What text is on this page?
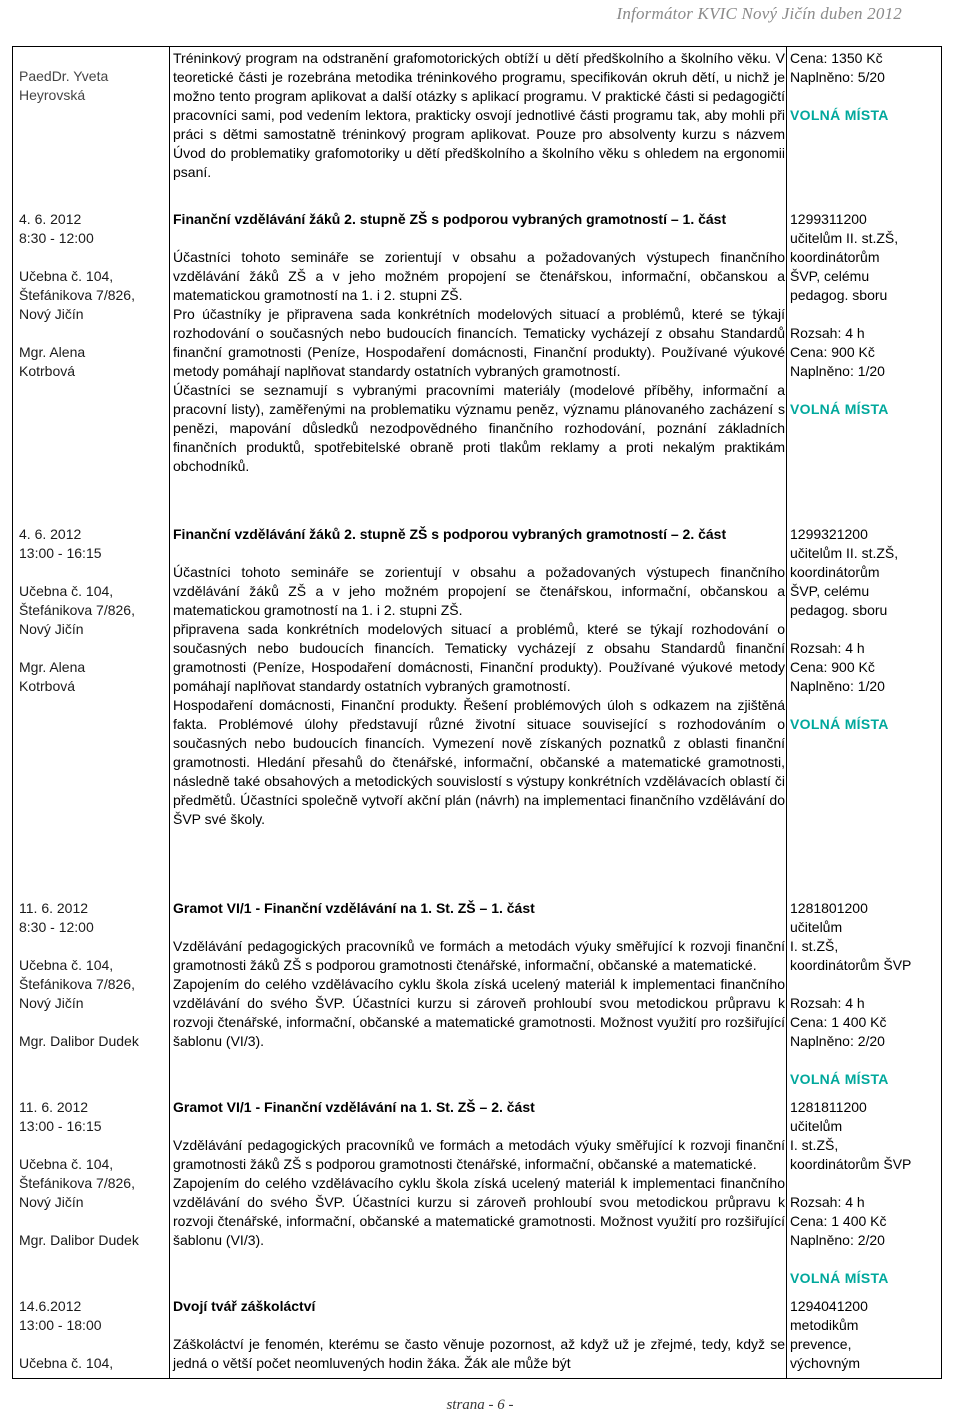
Informátor KVIC Nový Jičín duben 2012
PaedDr. Yveta
Heyrovská

Tréninkový program na odstranění grafomotorických obtíží u dětí předškolního a školního věku. V teoretické části je rozebrána metodika tréninkového programu, specifikován okruh dětí, u nichž je možno tento program aplikovat a další otázky s aplikací programu. V praktické části si pedagogičtí pracovníci sami, pod vedením lektora, prakticky osvojí jednotlivé části programu tak, aby mohli při práci s dětmi samostatně tréninkový program aplikovat. Pouze pro absolventy kurzu s názvem Úvod do problematiky grafomotoriky u dětí předškolního a školního věku s ohledem na ergonomii psaní.

Cena: 1350 Kč
Naplněno: 5/20
VOLNÁ MÍSTA
4. 6. 2012
8:30 - 12:00
Učebna č. 104,
Štefánikova 7/826,
Nový Jičín
Mgr. Alena
Kotrbová

Finanční vzdělávání žáků 2. stupně ZŠ s podporou vybraných gramotností – 1. část

Účastníci tohoto semináře se zorientují v obsahu a požadovaných výstupech finančního vzdělávání žáků ZŠ a v jeho možném propojení se čtenářskou, informační, občanskou a matematickou gramotností na 1. i 2. stupni ZŠ.

Pro účastníky je připravena sada konkrétních modelových situací a problémů, které se týkají rozhodování o současných nebo budoucích financích. Tematicky vycházejí z obsahu Standardů finanční gramotnosti (Peníze, Hospodaření domácnosti, Finanční produkty). Používané výukové metody pomáhají naplňovat standardy ostatních vybraných gramotností.

Účastníci se seznamují s vybranými pracovními materiály (modelové příběhy, informační a pracovní listy), zaměřenými na problematiku významu peněz, významu plánovaného zacházení s penězi, mapování důsledků nezodpovědného finančního rozhodování, poznání základních finančních produktů, spotřebitelské obraně proti tlakům reklamy a proti nekalým praktikám obchodníků.

1299311200
učitelům II. st.ZŠ,
koordinátorům
ŠVP, celému
pedagog. sboru
Rozsah: 4 h
Cena: 900 Kč
Naplněno: 1/20
VOLNÁ MÍSTA
4. 6. 2012
13:00 - 16:15
Učebna č. 104,
Štefánikova 7/826,
Nový Jičín
Mgr. Alena
Kotrbová

Finanční vzdělávání žáků 2. stupně ZŠ s podporou vybraných gramotností – 2. část

Účastníci tohoto semináře se zorientují v obsahu a požadovaných výstupech finančního vzdělávání žáků ZŠ a v jeho možném propojení se čtenářskou, informační, občanskou a matematickou gramotností na 1. i 2. stupni ZŠ.

připravena sada konkrétních modelových situací a problémů, které se týkají rozhodování o současných nebo budoucích financích. Tematicky vycházejí z obsahu Standardů finanční gramotnosti (Peníze, Hospodaření domácnosti, Finanční produkty). Používané výukové metody pomáhají naplňovat standardy ostatních vybraných gramotností.

Hospodaření domácnosti, Finanční produkty. Řešení problémových úloh s odkazem na zjištěná fakta. Problémové úlohy představují různé životní situace související s rozhodováním o současných nebo budoucích financích. Vymezení nově získaných poznatků z oblasti finanční gramotnosti. Hledání přesahů do čtenářské, informační, občanské a matematické gramotnosti, následně také obsahových a metodických souvislostí s výstupy konkrétních vzdělávacích oblastí či předmětů. Účastníci společně vytvoří akční plán (návrh) na implementaci finančního vzdělávání do ŠVP své školy.

1299321200
učitelům II. st.ZŠ,
koordinátorům
ŠVP, celému
pedagog. sboru
Rozsah: 4 h
Cena: 900 Kč
Naplněno: 1/20
VOLNÁ MÍSTA
11. 6. 2012
8:30 - 12:00
Učebna č. 104,
Štefánikova 7/826,
Nový Jičín
Mgr. Dalibor Dudek

Gramot VI/1 - Finanční vzdělávání na 1. St. ZŠ – 1. část

Vzdělávání pedagogických pracovníků ve formách a metodách výuky směřující k rozvoji finanční gramotnosti žáků ZŠ s podporou gramotnosti čtenářské, informační, občanské a matematické.

Zapojením do celého vzdělávacího cyklu škola získá ucelený materiál k implementaci finančního vzdělávání do svého ŠVP. Účastníci kurzu si zároveň prohloubí svou metodickou průpravu k rozvoji čtenářské, informační, občanské a matematické gramotnosti. Možnost využití pro rozšiřující šablonu (VI/3).

1281801200
učitelům
I. st.ZŠ,
koordinátorům ŠVP
Rozsah: 4 h
Cena: 1 400 Kč
Naplněno: 2/20
VOLNÁ MÍSTA
11. 6. 2012
13:00 - 16:15
Učebna č. 104,
Štefánikova 7/826,
Nový Jičín
Mgr. Dalibor Dudek

Gramot VI/1 - Finanční vzdělávání na 1. St. ZŠ – 2. část

Vzdělávání pedagogických pracovníků ve formách a metodách výuky směřující k rozvoji finanční gramotnosti žáků ZŠ s podporou gramotnosti čtenářské, informační, občanské a matematické.

Zapojením do celého vzdělávacího cyklu škola získá ucelený materiál k implementaci finančního vzdělávání do svého ŠVP. Účastníci kurzu si zároveň prohloubí svou metodickou průpravu k rozvoji čtenářské, informační, občanské a matematické gramotnosti. Možnost využití pro rozšiřující šablonu (VI/3).

1281811200
učitelům
I. st.ZŠ,
koordinátorům ŠVP
Rozsah: 4 h
Cena: 1 400 Kč
Naplněno: 2/20
VOLNÁ MÍSTA
14.6.2012
13:00 - 18:00
Učebna č. 104,

Dvojí tvář záškoláctví

Záškoláctví je fenomén, kterému se často věnuje pozornost, až když už je zřejmé, tedy, když se jedná o větší počet neomluvených hodin žáka. Žák ale může být

1294041200
metodikům
prevence,
výchovným
strana - 6 -
